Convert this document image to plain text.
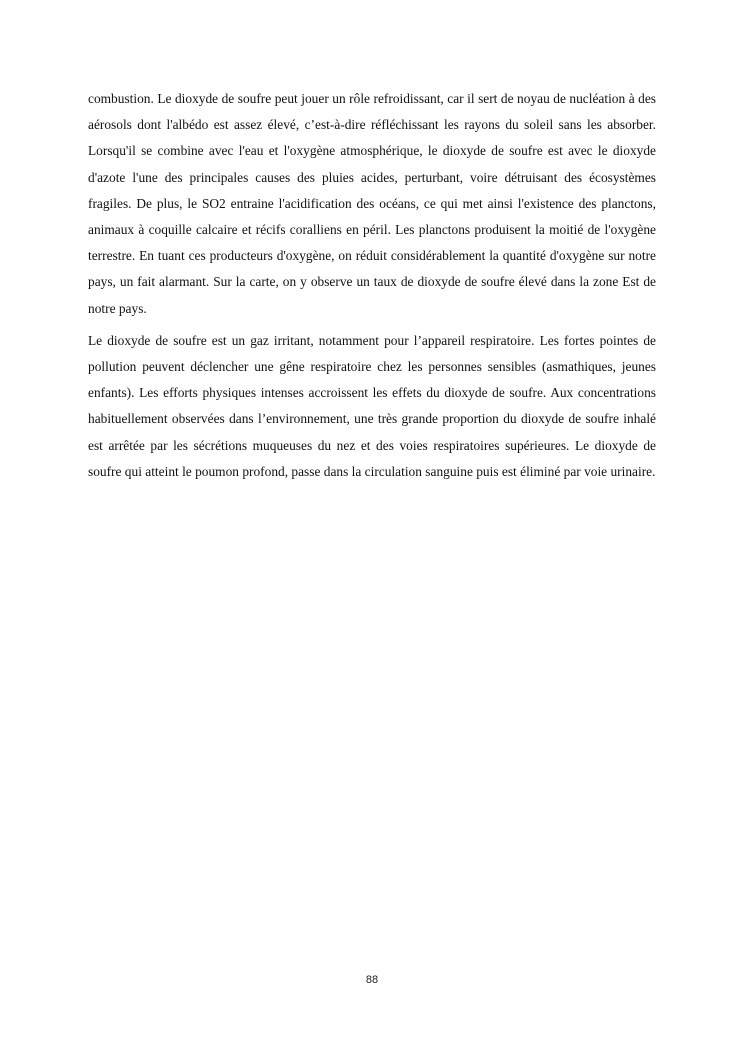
combustion. Le dioxyde de soufre peut jouer un rôle refroidissant, car il sert de noyau de nucléation à des aérosols dont l'albédo est assez élevé, c’est-à-dire réfléchissant les rayons du soleil sans les absorber. Lorsqu'il se combine avec l'eau et l'oxygène atmosphérique, le dioxyde de soufre est avec le dioxyde d'azote l'une des principales causes des pluies acides, perturbant, voire détruisant des écosystèmes fragiles. De plus, le SO2 entraine l'acidification des océans, ce qui met ainsi l'existence des planctons, animaux à coquille calcaire et récifs coralliens en péril. Les planctons produisent la moitié de l'oxygène terrestre. En tuant ces producteurs d'oxygène, on réduit considérablement la quantité d'oxygène sur notre pays, un fait alarmant. Sur la carte, on y observe un taux de dioxyde de soufre élevé dans la zone Est de notre pays.

Le dioxyde de soufre est un gaz irritant, notamment pour l’appareil respiratoire. Les fortes pointes de pollution peuvent déclencher une gêne respiratoire chez les personnes sensibles (asmathiques, jeunes enfants). Les efforts physiques intenses accroissent les effets du dioxyde de soufre. Aux concentrations habituellement observées dans l’environnement, une très grande proportion du dioxyde de soufre inhalé est arrêtée par les sécrétions muqueuses du nez et des voies respiratoires supérieures. Le dioxyde de soufre qui atteint le poumon profond, passe dans la circulation sanguine puis est éliminé par voie urinaire.

88
